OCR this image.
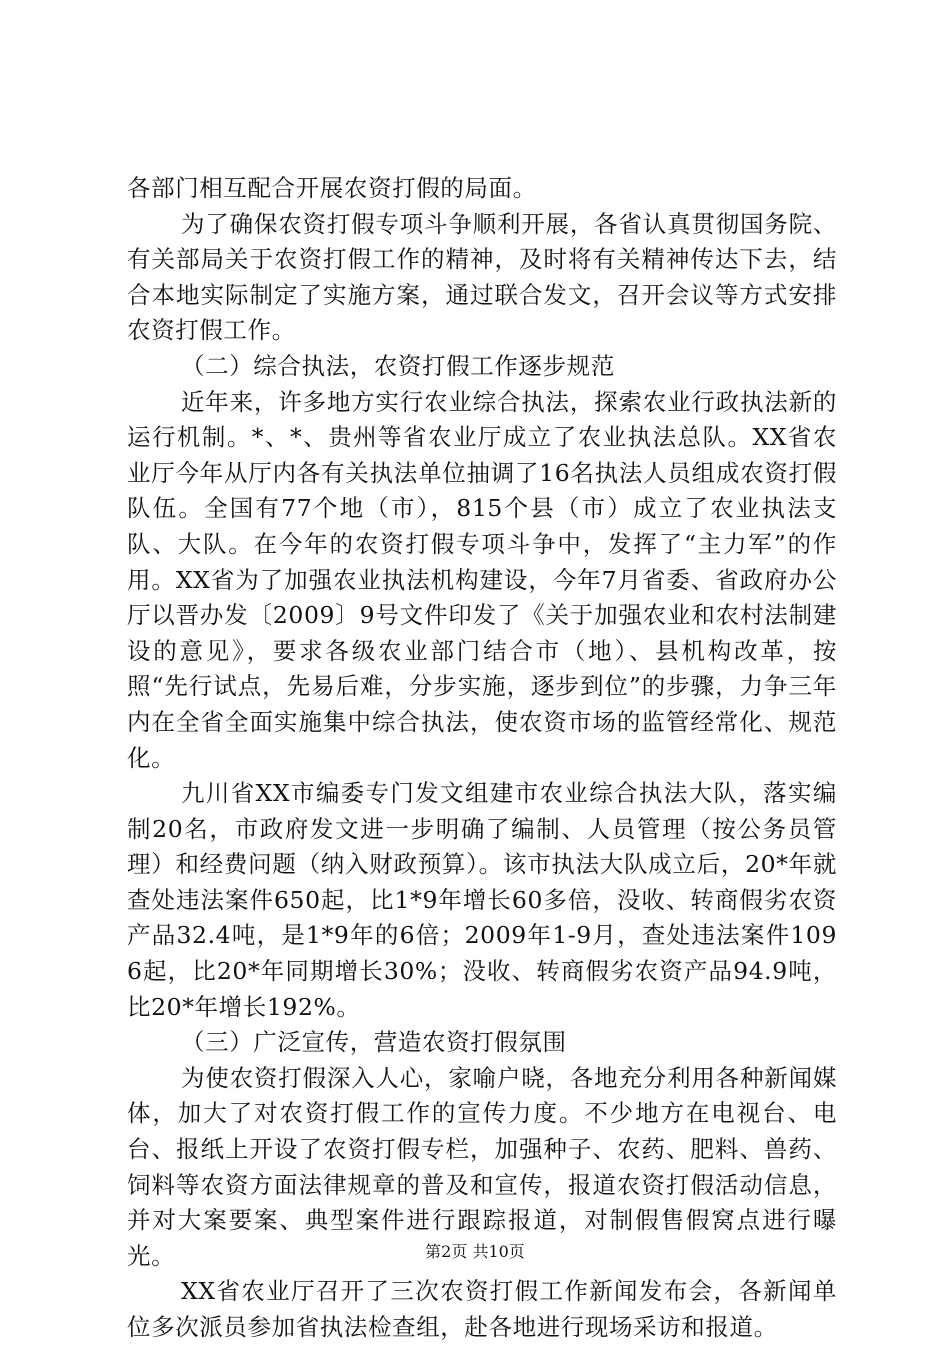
各部门相互配合开展农资打假的局面。

为了确保农资打假专项斗争顺利开展，各省认真贯彻国务院、有关部局关于农资打假工作的精神，及时将有关精神传达下去，结合本地实际制定了实施方案，通过联合发文，召开会议等方式安排农资打假工作。

（二）综合执法，农资打假工作逐步规范

近年来，许多地方实行农业综合执法，探索农业行政执法新的运行机制。*、*、贵州等省农业厅成立了农业执法总队。XX省农业厅今年从厅内各有关执法单位抽调了16名执法人员组成农资打假队伍。全国有77个地（市），815个县（市）成立了农业执法支队、大队。在今年的农资打假专项斗争中，发挥了“主力军”的作用。XX省为了加强农业执法机构建设，今年7月省委、省政府办公厅以晋办发〔2009〕9号文件印发了《关于加强农业和农村法制建设的意见》，要求各级农业部门结合市（地）、县机构改革，按照“先行试点，先易后难，分步实施，逐步到位”的步骤，力争三年内在全省全面实施集中综合执法，使农资市场的监管经常化、规范化。

九川省XX市编委专门发文组建市农业综合执法大队，落实编制20名，市政府发文进一步明确了编制、人员管理（按公务员管理）和经费问题（纳入财政预算）。该市执法大队成立后，20*年就查处违法案件650起，比1*9年增长60多倍，没收、转商假劣农资产品32.4吨，是1*9年的6倍；2009年1-9月，查处违法案件1096起，比20*年同期增长30%；没收、转商假劣农资产品94.9吨，比20*年增长192%。

（三）广泛宣传，营造农资打假氛围

为使农资打假深入人心，家喻户晓，各地充分利用各种新闻媒体，加大了对农资打假工作的宣传力度。不少地方在电视台、电台、报纸上开设了农资打假专栏，加强种子、农药、肥料、兽药、饲料等农资方面法律规章的普及和宣传，报道农资打假活动信息，并对大案要案、典型案件进行跟踪报道，对制假售假窝点进行曝光。

XX省农业厅召开了三次农资打假工作新闻发布会，各新闻单位多次派员参加省执法检查组，赴各地进行现场采访和报道。

第2页 共10页
